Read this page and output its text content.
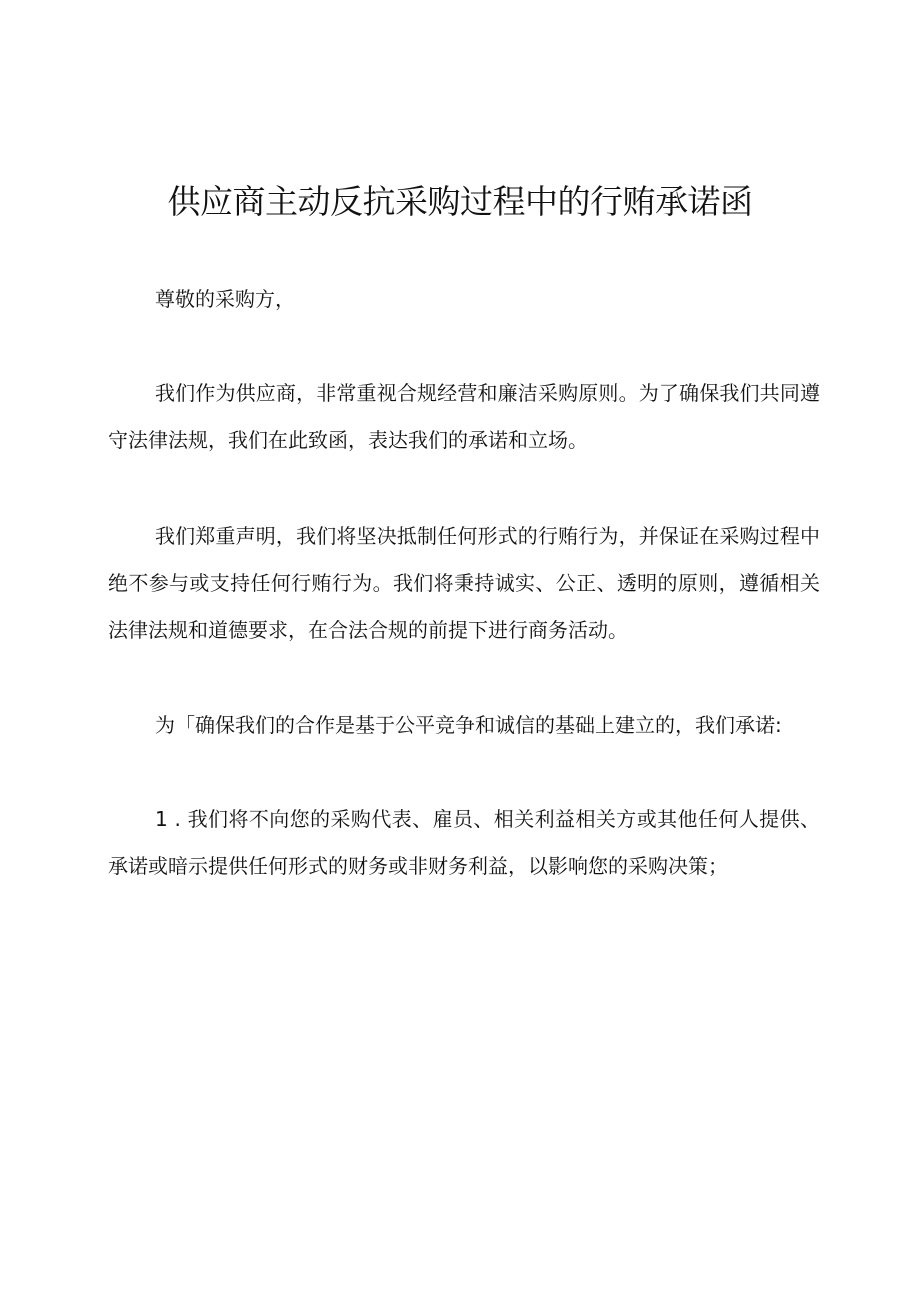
供应商主动反抗采购过程中的行贿承诺函

尊敬的采购方，

我们作为供应商，非常重视合规经营和廉洁采购原则。为了确保我们共同遵守法律法规，我们在此致函，表达我们的承诺和立场。

我们郑重声明，我们将坚决抵制任何形式的行贿行为，并保证在采购过程中绝不参与或支持任何行贿行为。我们将秉持诚实、公正、透明的原则，遵循相关法律法规和道德要求，在合法合规的前提下进行商务活动。

为「确保我们的合作是基于公平竞争和诚信的基础上建立的，我们承诺:

1 . 我们将不向您的采购代表、雇员、相关利益相关方或其他任何人提供、承诺或暗示提供任何形式的财务或非财务利益，以影响您的采购决策；
